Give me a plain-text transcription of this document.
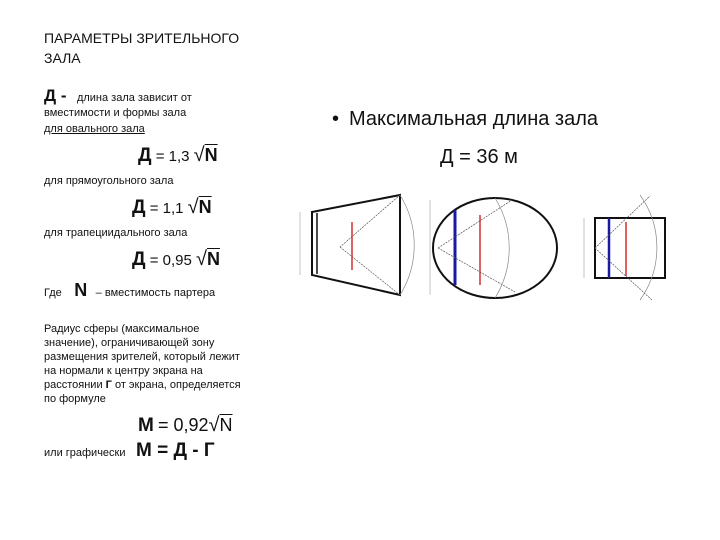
ПАРАМЕТРЫ ЗРИТЕЛЬНОГО
ЗАЛА
Д - длина зала зависит от
вместимости и формы зала
для овального зала
Д = 1,3 √N
для прямоугольного зала
Д = 1,1 √N
для трапециидального зала
Д = 0,95 √N
Где N – вместимость партера
Радиус сферы (максимальное
значение), ограничивающей зону
размещения зрителей, который лежит
на нормали к центру экрана на
расстоянии Г от экрана, определяется
по формуле
М = 0,92√N
или графически М = Д - Г
• Максимальная длина зала
Д = 36 м
